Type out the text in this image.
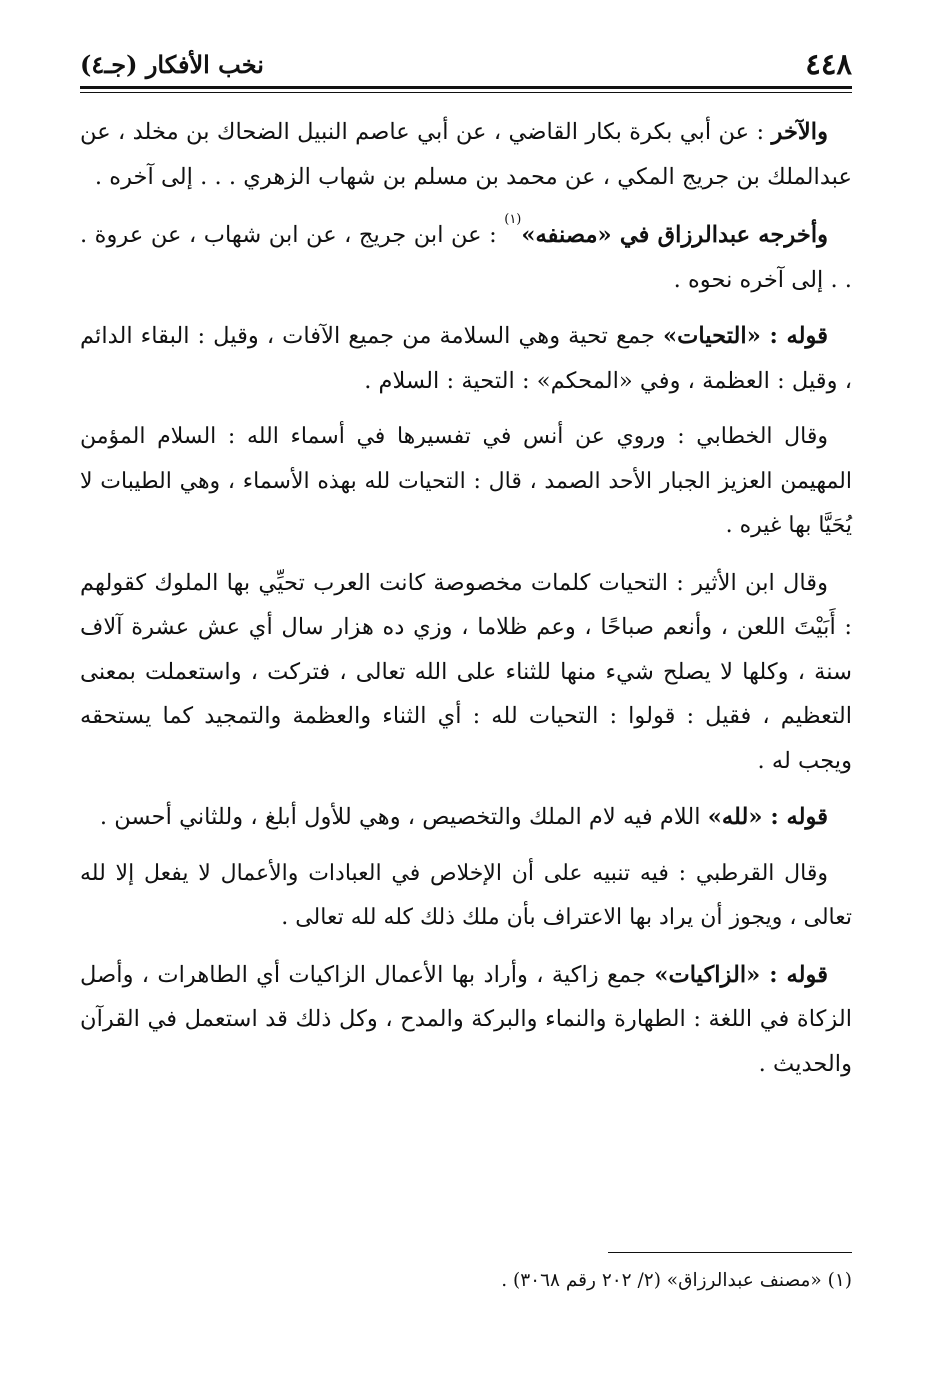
٤٤٨
نخب الأفكار (جـ٤)

والآخر : عن أبي بكرة بكار القاضي ، عن أبي عاصم النبيل الضحاك بن مخلد ، عن عبدالملك بن جريج المكي ، عن محمد بن مسلم بن شهاب الزهري . . . إلى آخره .

وأخرجه عبدالرزاق في «مصنفه»$^{(١)}$ : عن ابن جريج ، عن ابن شهاب ، عن عروة . . . إلى آخره نحوه .

قوله : «التحيات» جمع تحية وهي السلامة من جميع الآفات ، وقيل : البقاء الدائم ، وقيل : العظمة ، وفي «المحكم» : التحية : السلام .

وقال الخطابي : وروي عن أنس في تفسيرها في أسماء الله : السلام المؤمن المهيمن العزيز الجبار الأحد الصمد ، قال : التحيات لله بهذه الأسماء ، وهي الطيبات لا يُحَيَّا بها غيره .

وقال ابن الأثير : التحيات كلمات مخصوصة كانت العرب تحيِّي بها الملوك كقولهم : أَبَيْتَ اللعن ، وأنعم صباحًا ، وعم ظلاما ، وزي ده هزار سال أي عش عشرة آلاف سنة ، وكلها لا يصلح شيء منها للثناء على الله تعالى ، فتركت ، واستعملت بمعنى التعظيم ، فقيل : قولوا : التحيات لله : أي الثناء والعظمة والتمجيد كما يستحقه ويجب له .

قوله : «لله» اللام فيه لام الملك والتخصيص ، وهي للأول أبلغ ، وللثاني أحسن .

وقال القرطبي : فيه تنبيه على أن الإخلاص في العبادات والأعمال لا يفعل إلا لله تعالى ، ويجوز أن يراد بها الاعتراف بأن ملك ذلك كله لله تعالى .

قوله : «الزاكيات» جمع زاكية ، وأراد بها الأعمال الزاكيات أي الطاهرات ، وأصل الزكاة في اللغة : الطهارة والنماء والبركة والمدح ، وكل ذلك قد استعمل في القرآن والحديث .

(١) «مصنف عبدالرزاق» (٢/ ٢٠٢ رقم ٣٠٦٨) .
